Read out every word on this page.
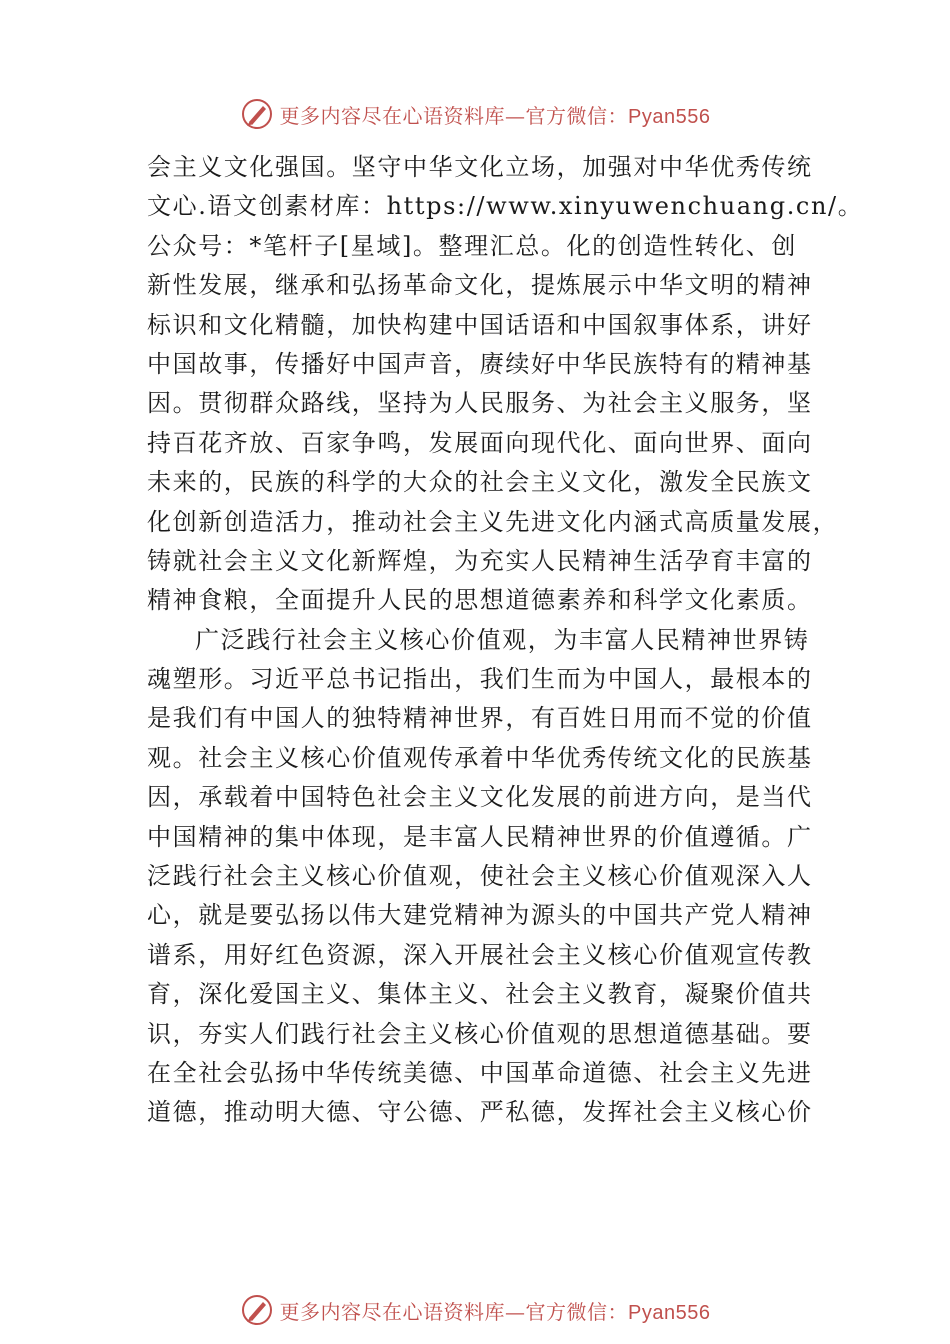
更多内容尽在心语资料库—官方微信：Pyan556
会主义文化强国。坚守中华文化立场，加强对中华优秀传统
文心.语文创素材库：https://www.xinyuwenchuang.cn/。
公众号：*笔杆子[星域]。整理汇总。化的创造性转化、创
新性发展，继承和弘扬革命文化，提炼展示中华文明的精神
标识和文化精髓，加快构建中国话语和中国叙事体系，讲好
中国故事，传播好中国声音，赓续好中华民族特有的精神基
因。贯彻群众路线，坚持为人民服务、为社会主义服务，坚
持百花齐放、百家争鸣，发展面向现代化、面向世界、面向
未来的，民族的科学的大众的社会主义文化，激发全民族文
化创新创造活力，推动社会主义先进文化内涵式高质量发展，
铸就社会主义文化新辉煌，为充实人民精神生活孕育丰富的
精神食粮，全面提升人民的思想道德素养和科学文化素质。
广泛践行社会主义核心价值观，为丰富人民精神世界铸
魂塑形。习近平总书记指出，我们生而为中国人，最根本的
是我们有中国人的独特精神世界，有百姓日用而不觉的价值
观。社会主义核心价值观传承着中华优秀传统文化的民族基
因，承载着中国特色社会主义文化发展的前进方向，是当代
中国精神的集中体现，是丰富人民精神世界的价值遵循。广
泛践行社会主义核心价值观，使社会主义核心价值观深入人
心，就是要弘扬以伟大建党精神为源头的中国共产党人精神
谱系，用好红色资源，深入开展社会主义核心价值观宣传教
育，深化爱国主义、集体主义、社会主义教育，凝聚价值共
识，夯实人们践行社会主义核心价值观的思想道德基础。要
在全社会弘扬中华传统美德、中国革命道德、社会主义先进
道德，推动明大德、守公德、严私德，发挥社会主义核心价
更多内容尽在心语资料库—官方微信：Pyan556
